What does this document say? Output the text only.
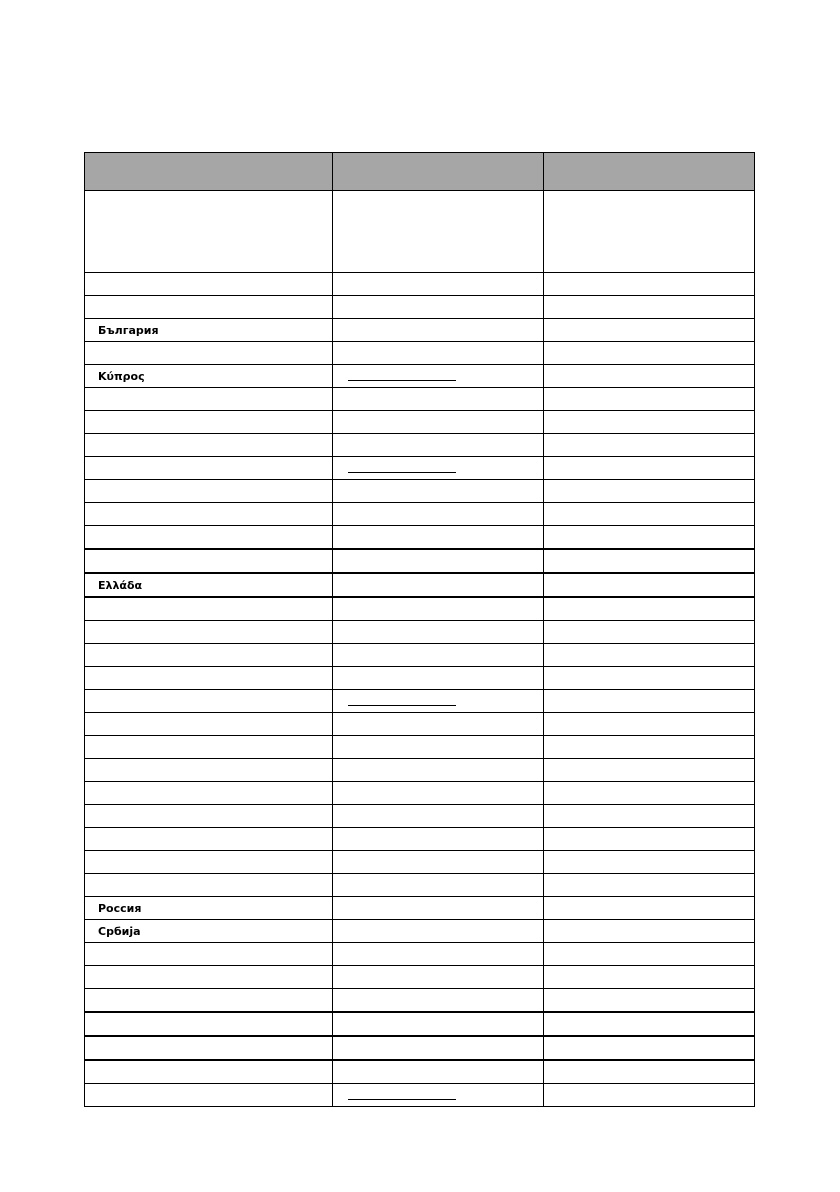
България		

Κύπρος		

Ελλάδα		

Россия		
Србија		
